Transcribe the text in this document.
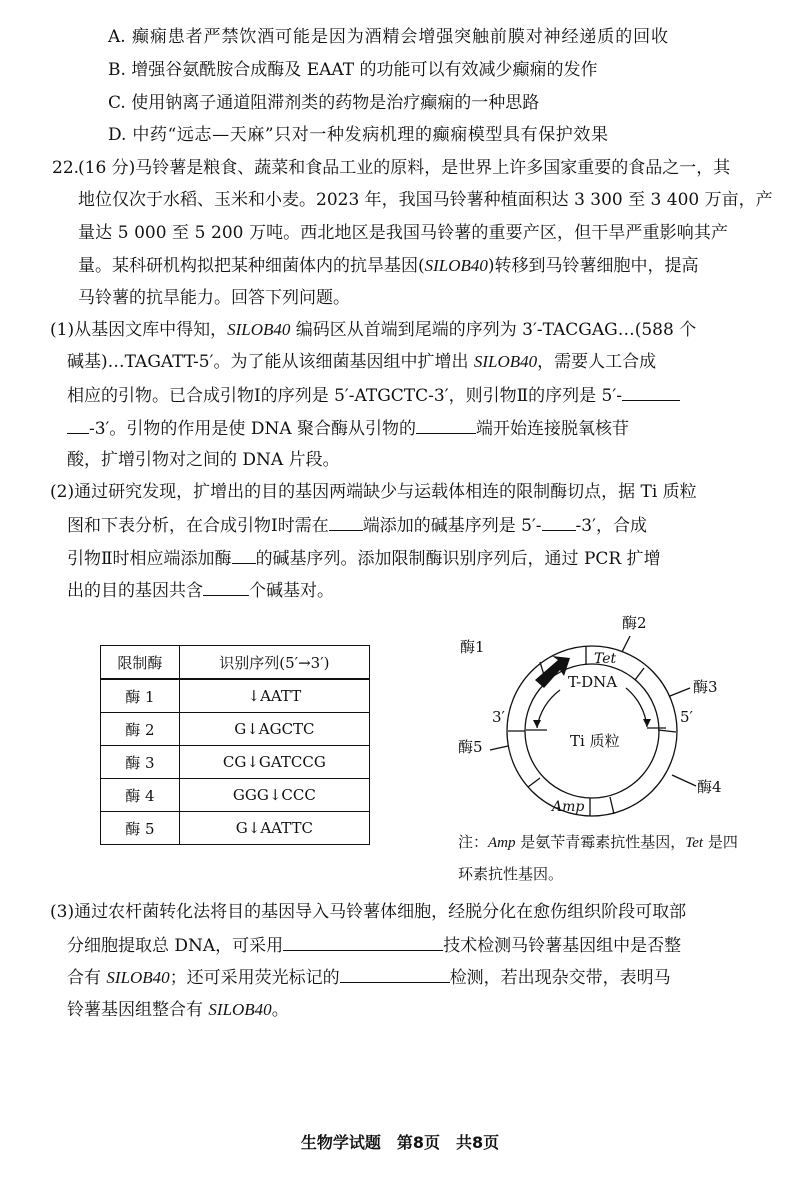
A. 癫痫患者严禁饮酒可能是因为酒精会增强突触前膜对神经递质的回收
B. 增强谷氨酰胺合成酶及 EAAT 的功能可以有效减少癫痫的发作
C. 使用钠离子通道阻滞剂类的药物是治疗癫痫的一种思路
D. 中药“远志—天麻”只对一种发病机理的癫痫模型具有保护效果
22.
(16 分)马铃薯是粮食、蔬菜和食品工业的原料，是世界上许多国家重要的食品之一，其
地位仅次于水稻、玉米和小麦。2023 年，我国马铃薯种植面积达 3 300 至 3 400 万亩，产
量达 5 000 至 5 200 万吨。西北地区是我国马铃薯的重要产区，但干旱严重影响其产
量。某科研机构拟把某种细菌体内的抗旱基因(SILOB40)转移到马铃薯细胞中，提高
马铃薯的抗旱能力。回答下列问题。
(1)从基因文库中得知，SILOB40 编码区从首端到尾端的序列为 3′-TACGAG…(588 个
碱基)…TAGATT-5′。为了能从该细菌基因组中扩增出 SILOB40，需要人工合成
相应的引物。已合成引物Ⅰ的序列是 5′-ATGCTC-3′，则引物Ⅱ的序列是 5′-
-3′。引物的作用是使 DNA 聚合酶从引物的	端开始连接脱氧核苷
酸，扩增引物对之间的 DNA 片段。
(2)通过研究发现，扩增出的目的基因两端缺少与运载体相连的限制酶切点，据 Ti 质粒
图和下表分析，在合成引物Ⅰ时需在 端添加的碱基序列是 5′- -3′，合成
引物Ⅱ时相应端添加酶 的碱基序列。添加限制酶识别序列后，通过 PCR 扩增
出的目的基因共含	个碱基对。
限制酶	识别序列(5′→3′)
酶 1	↓AATT
酶 2	G↓AGCTC
酶 3	CG↓GATCCG
酶 4	GGG↓CCC
酶 5	G↓AATTC
酶1
酶2
酶3
酶4
酶5
Tet
Amp
T-DNA
Ti 质粒
3′	5′
注：Amp 是氨苄青霉素抗性基因，Tet 是四
环素抗性基因。
(3)通过农杆菌转化法将目的基因导入马铃薯体细胞，经脱分化在愈伤组织阶段可取部
分细胞提取总 DNA，可采用	技术检测马铃薯基因组中是否整
合有 SILOB40；还可采用荧光标记的	检测，若出现杂交带，表明马
铃薯基因组整合有 SILOB40。
生物学试题　第8页　共8页
